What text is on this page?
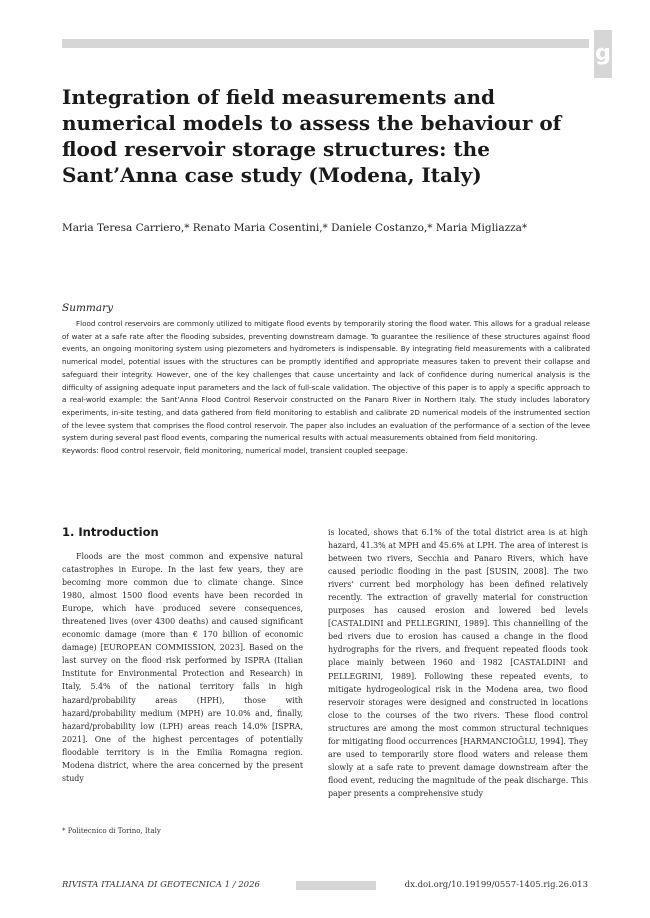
g
Integration of field measurements and numerical models to assess the behaviour of flood reservoir storage structures: the Sant’Anna case study (Modena, Italy)
Maria Teresa Carriero,* Renato Maria Cosentini,* Daniele Costanzo,* Maria Migliazza*
Summary

Flood control reservoirs are commonly utilized to mitigate flood events by temporarily storing the flood water. This allows for a gradual release of water at a safe rate after the flooding subsides, preventing downstream damage. To guarantee the resilience of these structures against flood events, an ongoing monitoring system using piezometers and hydrometers is indispensable. By integrating field measurements with a calibrated numerical model, potential issues with the structures can be promptly identified and appropriate measures taken to prevent their collapse and safeguard their integrity. However, one of the key challenges that cause uncertainty and lack of confidence during numerical analysis is the difficulty of assigning adequate input parameters and the lack of full-scale validation. The objective of this paper is to apply a specific approach to a real-world example: the Sant’Anna Flood Control Reservoir constructed on the Panaro River in Northern Italy. The study includes laboratory experiments, in-site testing, and data gathered from field monitoring to establish and calibrate 2D numerical models of the instrumented section of the levee system that comprises the flood control reservoir. The paper also includes an evaluation of the performance of a section of the levee system during several past flood events, comparing the numerical results with actual measurements obtained from field monitoring.

Keywords: flood control reservoir, field monitoring, numerical model, transient coupled seepage.

1. Introduction

Floods are the most common and expensive natural catastrophes in Europe. In the last few years, they are becoming more common due to climate change. Since 1980, almost 1500 flood events have been recorded in Europe, which have produced severe consequences, threatened lives (over 4300 deaths) and caused significant economic damage (more than € 170 billion of economic damage) [EUROPEAN COMMISSION, 2023]. Based on the last survey on the flood risk performed by ISPRA (Italian Institute for Environmental Protection and Research) in Italy, 5.4% of the national territory falls in high hazard/probability areas (HPH), those with hazard/probability medium (MPH) are 10.0% and, finally, hazard/probability low (LPH) areas reach 14.0% [ISPRA, 2021]. One of the highest percentages of potentially floodable territory is in the Emilia Romagna region. Modena district, where the area concerned by the present study

is located, shows that 6.1% of the total district area is at high hazard, 41.3% at MPH and 45.6% at LPH. The area of interest is between two rivers, Secchia and Panaro Rivers, which have caused periodic flooding in the past [SUSIN, 2008]. The two rivers’ current bed morphology has been defined relatively recently. The extraction of gravelly material for construction purposes has caused erosion and lowered bed levels [CASTALDINI and PELLEGRINI, 1989]. This channelling of the bed rivers due to erosion has caused a change in the flood hydrographs for the rivers, and frequent repeated floods took place mainly between 1960 and 1982 [CASTALDINI and PELLEGRINI, 1989]. Following these repeated events, to mitigate hydrogeological risk in the Modena area, two flood reservoir storages were designed and constructed in locations close to the courses of the two rivers. These flood control structures are among the most common structural techniques for mitigating flood occurrences [HARMANCIOĞLU, 1994]. They are used to temporarily store flood waters and release them slowly at a safe rate to prevent damage downstream after the flood event, reducing the magnitude of the peak discharge. This paper presents a comprehensive study

* Politecnico di Torino, Italy
RIVISTA ITALIANA DI GEOTECNICA 1 / 2026	dx.doi.org/10.19199/0557-1405.rig.26.013
